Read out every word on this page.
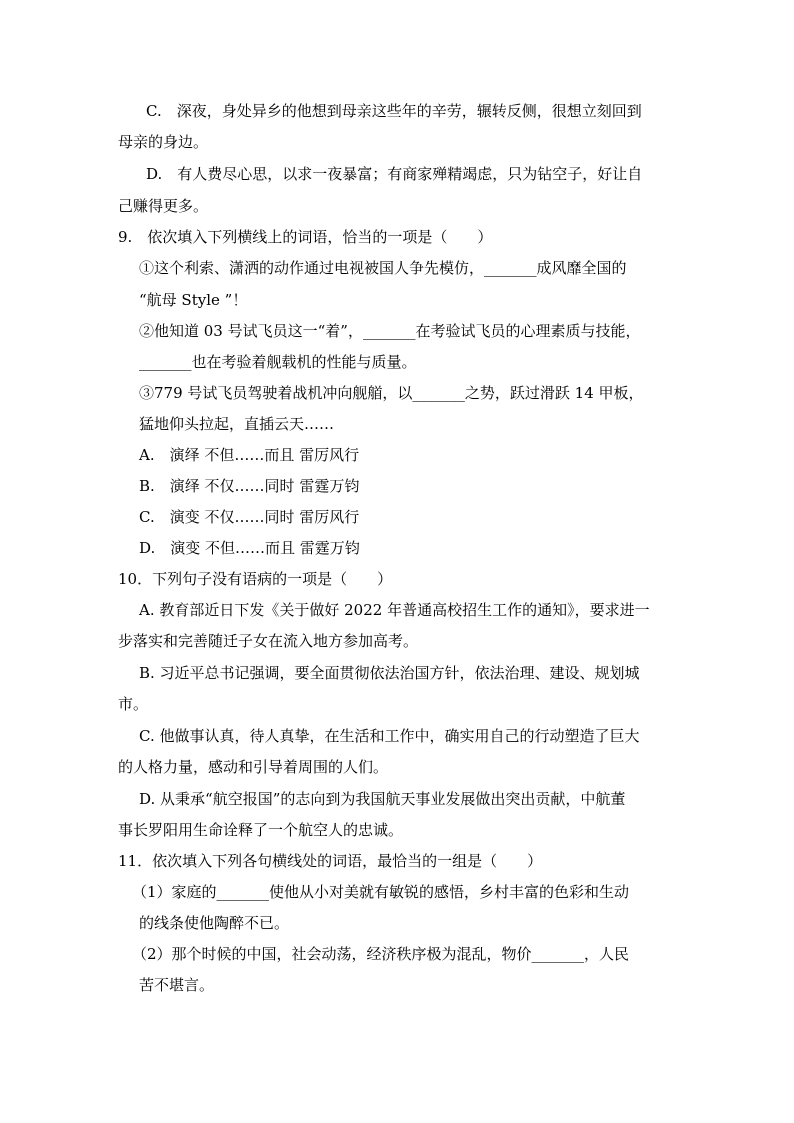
C.　深夜，身处异乡的他想到母亲这些年的辛劳，辗转反侧，很想立刻回到
母亲的身边。
D.　有人费尽心思，以求一夜暴富；有商家殚精竭虑，只为钻空子，好让自
己赚得更多。
9.　依次填入下列横线上的词语，恰当的一项是（　　）
①这个利索、潇洒的动作通过电视被国人争先模仿，_______成风靡全国的
“航母 Style ”！
②他知道 03 号试飞员这一“着”，_______在考验试飞员的心理素质与技能，
_______也在考验着舰载机的性能与质量。
③779 号试飞员驾驶着战机冲向舰艏，以_______之势，跃过滑跃 14 甲板，
猛地仰头拉起，直插云天……
A.　演绎 不但……而且 雷厉风行
B.　演绎 不仅……同时 雷霆万钧
C.　演变 不仅……同时 雷厉风行
D.　演变 不但……而且 雷霆万钧
10．下列句子没有语病的一项是（　　）
A. 教育部近日下发《关于做好 2022 年普通高校招生工作的通知》，要求进一
步落实和完善随迁子女在流入地方参加高考。
B. 习近平总书记强调，要全面贯彻依法治国方针，依法治理、建设、规划城
市。
C. 他做事认真，待人真挚，在生活和工作中，确实用自己的行动塑造了巨大
的人格力量，感动和引导着周围的人们。
D. 从秉承“航空报国”的志向到为我国航天事业发展做出突出贡献，中航董
事长罗阳用生命诠释了一个航空人的忠诚。
11．依次填入下列各句横线处的词语，最恰当的一组是（　　）
（1）家庭的_______使他从小对美就有敏锐的感悟，乡村丰富的色彩和生动
的线条使他陶醉不已。
（2）那个时候的中国，社会动荡，经济秩序极为混乱，物价_______，人民
苦不堪言。
